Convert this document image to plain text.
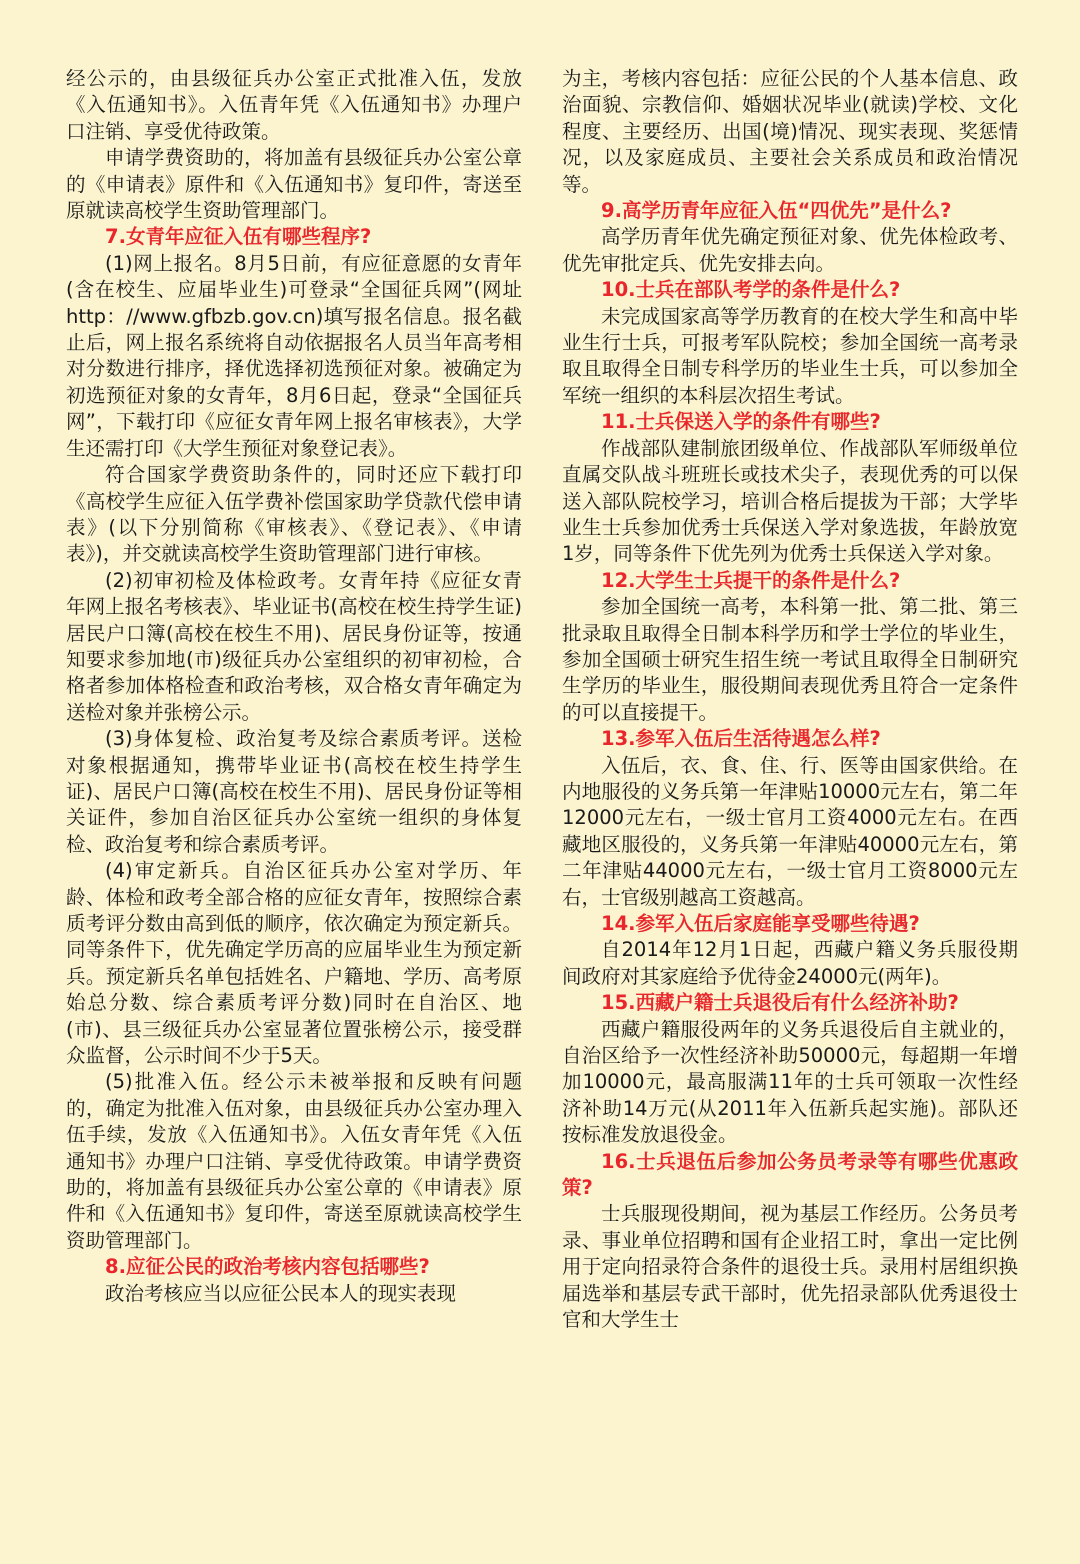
经公示的，由县级征兵办公室正式批准入伍，发放《入伍通知书》。入伍青年凭《入伍通知书》办理户口注销、享受优待政策。

申请学费资助的，将加盖有县级征兵办公室公章的《申请表》原件和《入伍通知书》复印件，寄送至原就读高校学生资助管理部门。

7.女青年应征入伍有哪些程序?

(1)网上报名。8月5日前，有应征意愿的女青年(含在校生、应届毕业生)可登录“全国征兵网”(网址http：//www.gfbzb.gov.cn)填写报名信息。报名截止后，网上报名系统将自动依据报名人员当年高考相对分数进行排序，择优选择初选预征对象。被确定为初选预征对象的女青年，8月6日起，登录“全国征兵网”，下载打印《应征女青年网上报名审核表》，大学生还需打印《大学生预征对象登记表》。

符合国家学费资助条件的，同时还应下载打印《高校学生应征入伍学费补偿国家助学贷款代偿申请表》(以下分别简称《审核表》、《登记表》、《申请表》)，并交就读高校学生资助管理部门进行审核。

(2)初审初检及体检政考。女青年持《应征女青年网上报名考核表》、毕业证书(高校在校生持学生证)居民户口簿(高校在校生不用)、居民身份证等，按通知要求参加地(市)级征兵办公室组织的初审初检，合格者参加体格检查和政治考核，双合格女青年确定为送检对象并张榜公示。

(3)身体复检、政治复考及综合素质考评。送检对象根据通知，携带毕业证书(高校在校生持学生证)、居民户口簿(高校在校生不用)、居民身份证等相关证件，参加自治区征兵办公室统一组织的身体复检、政治复考和综合素质考评。

(4)审定新兵。自治区征兵办公室对学历、年龄、体检和政考全部合格的应征女青年，按照综合素质考评分数由高到低的顺序，依次确定为预定新兵。同等条件下，优先确定学历高的应届毕业生为预定新兵。预定新兵名单包括姓名、户籍地、学历、高考原始总分数、综合素质考评分数)同时在自治区、地(市)、县三级征兵办公室显著位置张榜公示，接受群众监督，公示时间不少于5天。

(5)批准入伍。经公示未被举报和反映有问题的，确定为批准入伍对象，由县级征兵办公室办理入伍手续，发放《入伍通知书》。入伍女青年凭《入伍通知书》办理户口注销、享受优待政策。申请学费资助的，将加盖有县级征兵办公室公章的《申请表》原件和《入伍通知书》复印件，寄送至原就读高校学生资助管理部门。

8.应征公民的政治考核内容包括哪些?

政治考核应当以应征公民本人的现实表现

为主，考核内容包括：应征公民的个人基本信息、政治面貌、宗教信仰、婚姻状况毕业(就读)学校、文化程度、主要经历、出国(境)情况、现实表现、奖惩情况，以及家庭成员、主要社会关系成员和政治情况等。

9.高学历青年应征入伍“四优先”是什么?

高学历青年优先确定预征对象、优先体检政考、优先审批定兵、优先安排去向。

10.士兵在部队考学的条件是什么?

未完成国家高等学历教育的在校大学生和高中毕业生行士兵，可报考军队院校；参加全国统一高考录取且取得全日制专科学历的毕业生士兵，可以参加全军统一组织的本科层次招生考试。

11.士兵保送入学的条件有哪些?

作战部队建制旅团级单位、作战部队军师级单位直属交队战斗班班长或技术尖子，表现优秀的可以保送入部队院校学习，培训合格后提拔为干部；大学毕业生士兵参加优秀士兵保送入学对象选拔，年龄放宽1岁，同等条件下优先列为优秀士兵保送入学对象。

12.大学生士兵提干的条件是什么?

参加全国统一高考，本科第一批、第二批、第三批录取且取得全日制本科学历和学士学位的毕业生，参加全国硕士研究生招生统一考试且取得全日制研究生学历的毕业生，服役期间表现优秀且符合一定条件的可以直接提干。

13.参军入伍后生活待遇怎么样?

入伍后，衣、食、住、行、医等由国家供给。在内地服役的义务兵第一年津贴10000元左右，第二年12000元左右，一级士官月工资4000元左右。在西藏地区服役的，义务兵第一年津贴40000元左右，第二年津贴44000元左右，一级士官月工资8000元左右，士官级别越高工资越高。

14.参军入伍后家庭能享受哪些待遇?

自2014年12月1日起，西藏户籍义务兵服役期间政府对其家庭给予优待金24000元(两年)。

15.西藏户籍士兵退役后有什么经济补助?

西藏户籍服役两年的义务兵退役后自主就业的，自治区给予一次性经济补助50000元，每超期一年增加10000元，最高服满11年的士兵可领取一次性经济补助14万元(从2011年入伍新兵起实施)。部队还按标准发放退役金。

16.士兵退伍后参加公务员考录等有哪些优惠政策?

士兵服现役期间，视为基层工作经历。公务员考录、事业单位招聘和国有企业招工时，拿出一定比例用于定向招录符合条件的退役士兵。录用村居组织换届选举和基层专武干部时，优先招录部队优秀退役士官和大学生士
